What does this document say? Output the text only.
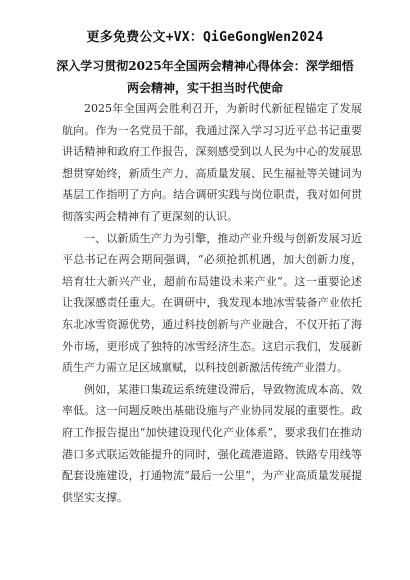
更多免费公文+VX：QiGeGongWen2024
深入学习贯彻2025年全国两会精神心得体会：深学细悟两会精神，实干担当时代使命

2025年全国两会胜利召开，为新时代新征程锚定了发展航向。作为一名党员干部，我通过深入学习习近平总书记重要讲话精神和政府工作报告，深刻感受到以人民为中心的发展思想贯穿始终，新质生产力、高质量发展、民生福祉等关键词为基层工作指明了方向。结合调研实践与岗位职责，我对如何贯彻落实两会精神有了更深刻的认识。

一、以新质生产力为引擎，推动产业升级与创新发展习近平总书记在两会期间强调，“必须抢抓机遇，加大创新力度，培育壮大新兴产业，超前布局建设未来产业”。这一重要论述让我深感责任重大。在调研中，我发现本地冰雪装备产业依托东北冰雪资源优势，通过科技创新与产业融合，不仅开拓了海外市场，更形成了独特的冰雪经济生态。这启示我们，发展新质生产力需立足区域禀赋，以科技创新激活传统产业潜力。

例如，某港口集疏运系统建设滞后，导致物流成本高、效率低。这一问题反映出基础设施与产业协同发展的重要性。政府工作报告提出“加快建设现代化产业体系”，要求我们在推动港口多式联运效能提升的同时，强化疏港道路、铁路专用线等配套设施建设，打通物流“最后一公里”，为产业高质量发展提供坚实支撑。
